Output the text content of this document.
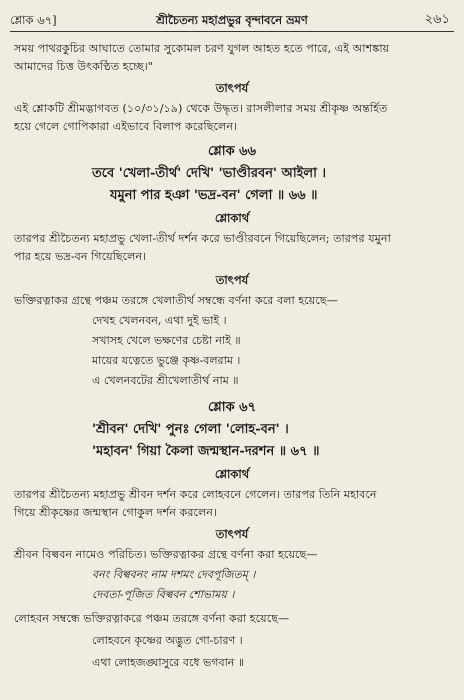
শ্লোক ৬৭]	শ্রীচৈতন্য মহাপ্রভুর বৃন্দাবনে ভ্রমণ	২৬১
সময় পাথরকুচির আঘাতে তোমার সুকোমল চরণ যুগল আহত হতে পারে, এই আশঙ্কায়
আমাদের চিত্ত উৎকণ্ঠিত হচ্ছে।"
তাৎপর্য
এই শ্লোকটি শ্রীমদ্ভাগবত (১০/৩১/১৯) থেকে উদ্ধৃত। রাসলীলার সময় শ্রীকৃষ্ণ অন্তর্হিত
হয়ে গেলে গোপিকারা এইভাবে বিলাপ করেছিলেন।
শ্লোক ৬৬
তবে 'খেলা-তীর্থ' দেখি' 'ভাণ্ডীরবন' আইলা ।
যমুনা পার হঞা 'ভদ্র-বন' গেলা ॥ ৬৬ ॥
শ্লোকার্থ
তারপর শ্রীচৈতন্য মহাপ্রভু খেলা-তীর্থ দর্শন করে ভাণ্ডীরবনে গিয়েছিলেন; তারপর যমুনা
পার হয়ে ভদ্র-বন গিয়েছিলেন।
তাৎপর্য
ভক্তিরত্নাকর গ্রন্থে পঞ্চম তরঙ্গে খেলাতীর্থ সম্বন্ধে বর্ণনা করে বলা হয়েছে—
দেখহ খেলনবন, এথা দুই ভাই ।
সখাসহ খেলে ভক্ষণের চেষ্টা নাই ॥
মায়ের যত্নেতে ভুঞ্জে কৃষ্ণ-বলরাম ।
এ খেলনবটের শ্রীখেলাতীর্থ নাম ॥
শ্লোক ৬৭
'শ্রীবন' দেখি' পুনঃ গেলা 'লোহ-বন' ।
'মহাবন' গিয়া কৈলা জন্মস্থান-দরশন ॥ ৬৭ ॥
শ্লোকার্থ
তারপর শ্রীচৈতন্য মহাপ্রভু শ্রীবন দর্শন করে লোহবনে গেলেন। তারপর তিনি মহাবনে
গিয়ে শ্রীকৃষ্ণের জন্মস্থান গোকুল দর্শন করলেন।
তাৎপর্য
শ্রীবন বিল্ববন নামেও পরিচিত। ভক্তিরত্নাকর গ্রন্থে বর্ণনা করা হয়েছে—
বনং বিল্ববনং নাম দশমং দেবপূজিতম্ ।
দেবতা-পূজিত বিল্ববন শোভাময় ।
লোহবন সম্বন্ধে ভক্তিরত্নাকরে পঞ্চম তরঙ্গে বর্ণনা করা হয়েছে—
লোহবনে কৃষ্ণের অদ্ভুত গো-চারণ ।
এথা লোহজঙ্ঘাসুরে বধে ভগবান ॥
